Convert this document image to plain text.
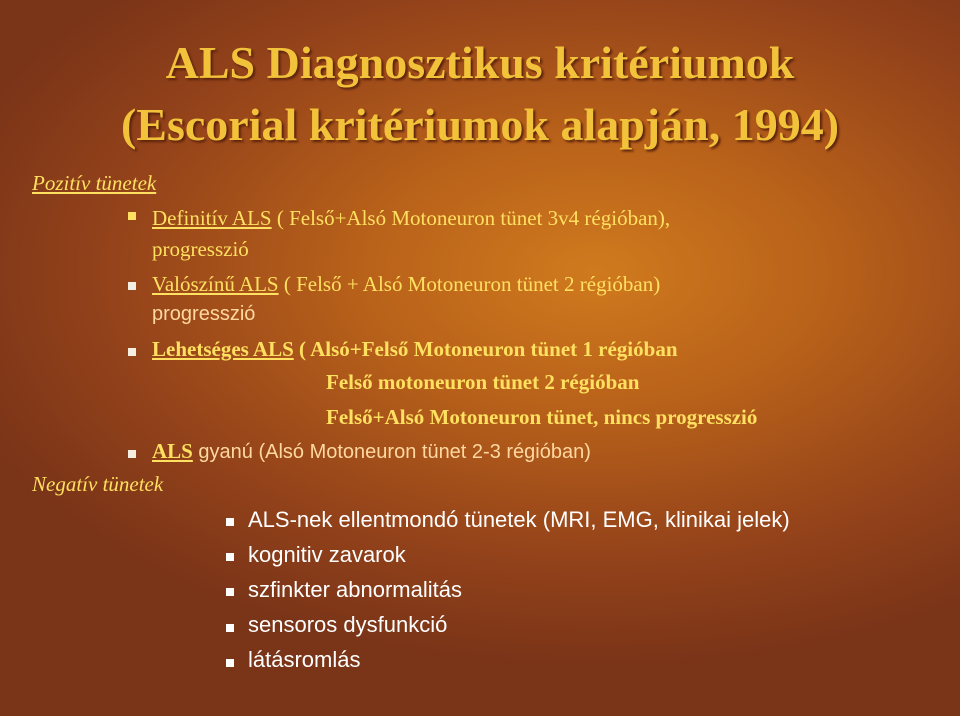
ALS Diagnosztikus kritériumok
(Escorial kritériumok alapján, 1994)
Pozitív tünetek
Definitív ALS ( Felső+Alsó Motoneuron tünet 3v4 régióban),
progresszió
Valószínű ALS ( Felső + Alsó Motoneuron tünet 2 régióban)
progresszió
Lehetséges ALS ( Alsó+Felső Motoneuron tünet 1 régióban
Felső motoneuron tünet 2 régióban
Felső+Alsó Motoneuron tünet, nincs progresszió
ALS gyanú (Alsó Motoneuron tünet 2-3 régióban)
Negatív tünetek
ALS-nek ellentmondó tünetek (MRI, EMG, klinikai jelek)
kognitiv zavarok
szfinkter abnormalitás
sensoros dysfunkció
látásromlás
